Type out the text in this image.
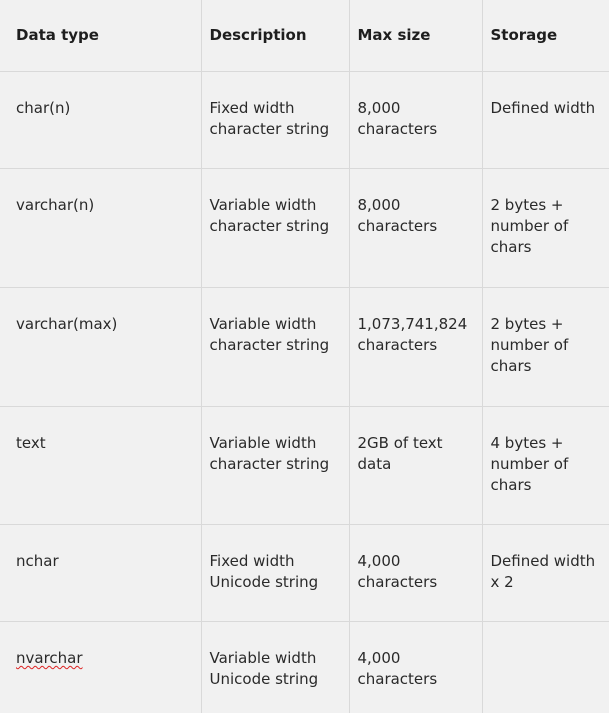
Data type	Description	Max size	Storage
char(n)	Fixed width character string	8,000 characters	Defined width
varchar(n)	Variable width character string	8,000 characters	2 bytes + number of chars
varchar(max)	Variable width character string	1,073,741,824 characters	2 bytes + number of chars
text	Variable width character string	2GB of text data	4 bytes + number of chars
nchar	Fixed width Unicode string	4,000 characters	Defined width x 2
nvarchar	Variable width Unicode string	4,000 characters	
